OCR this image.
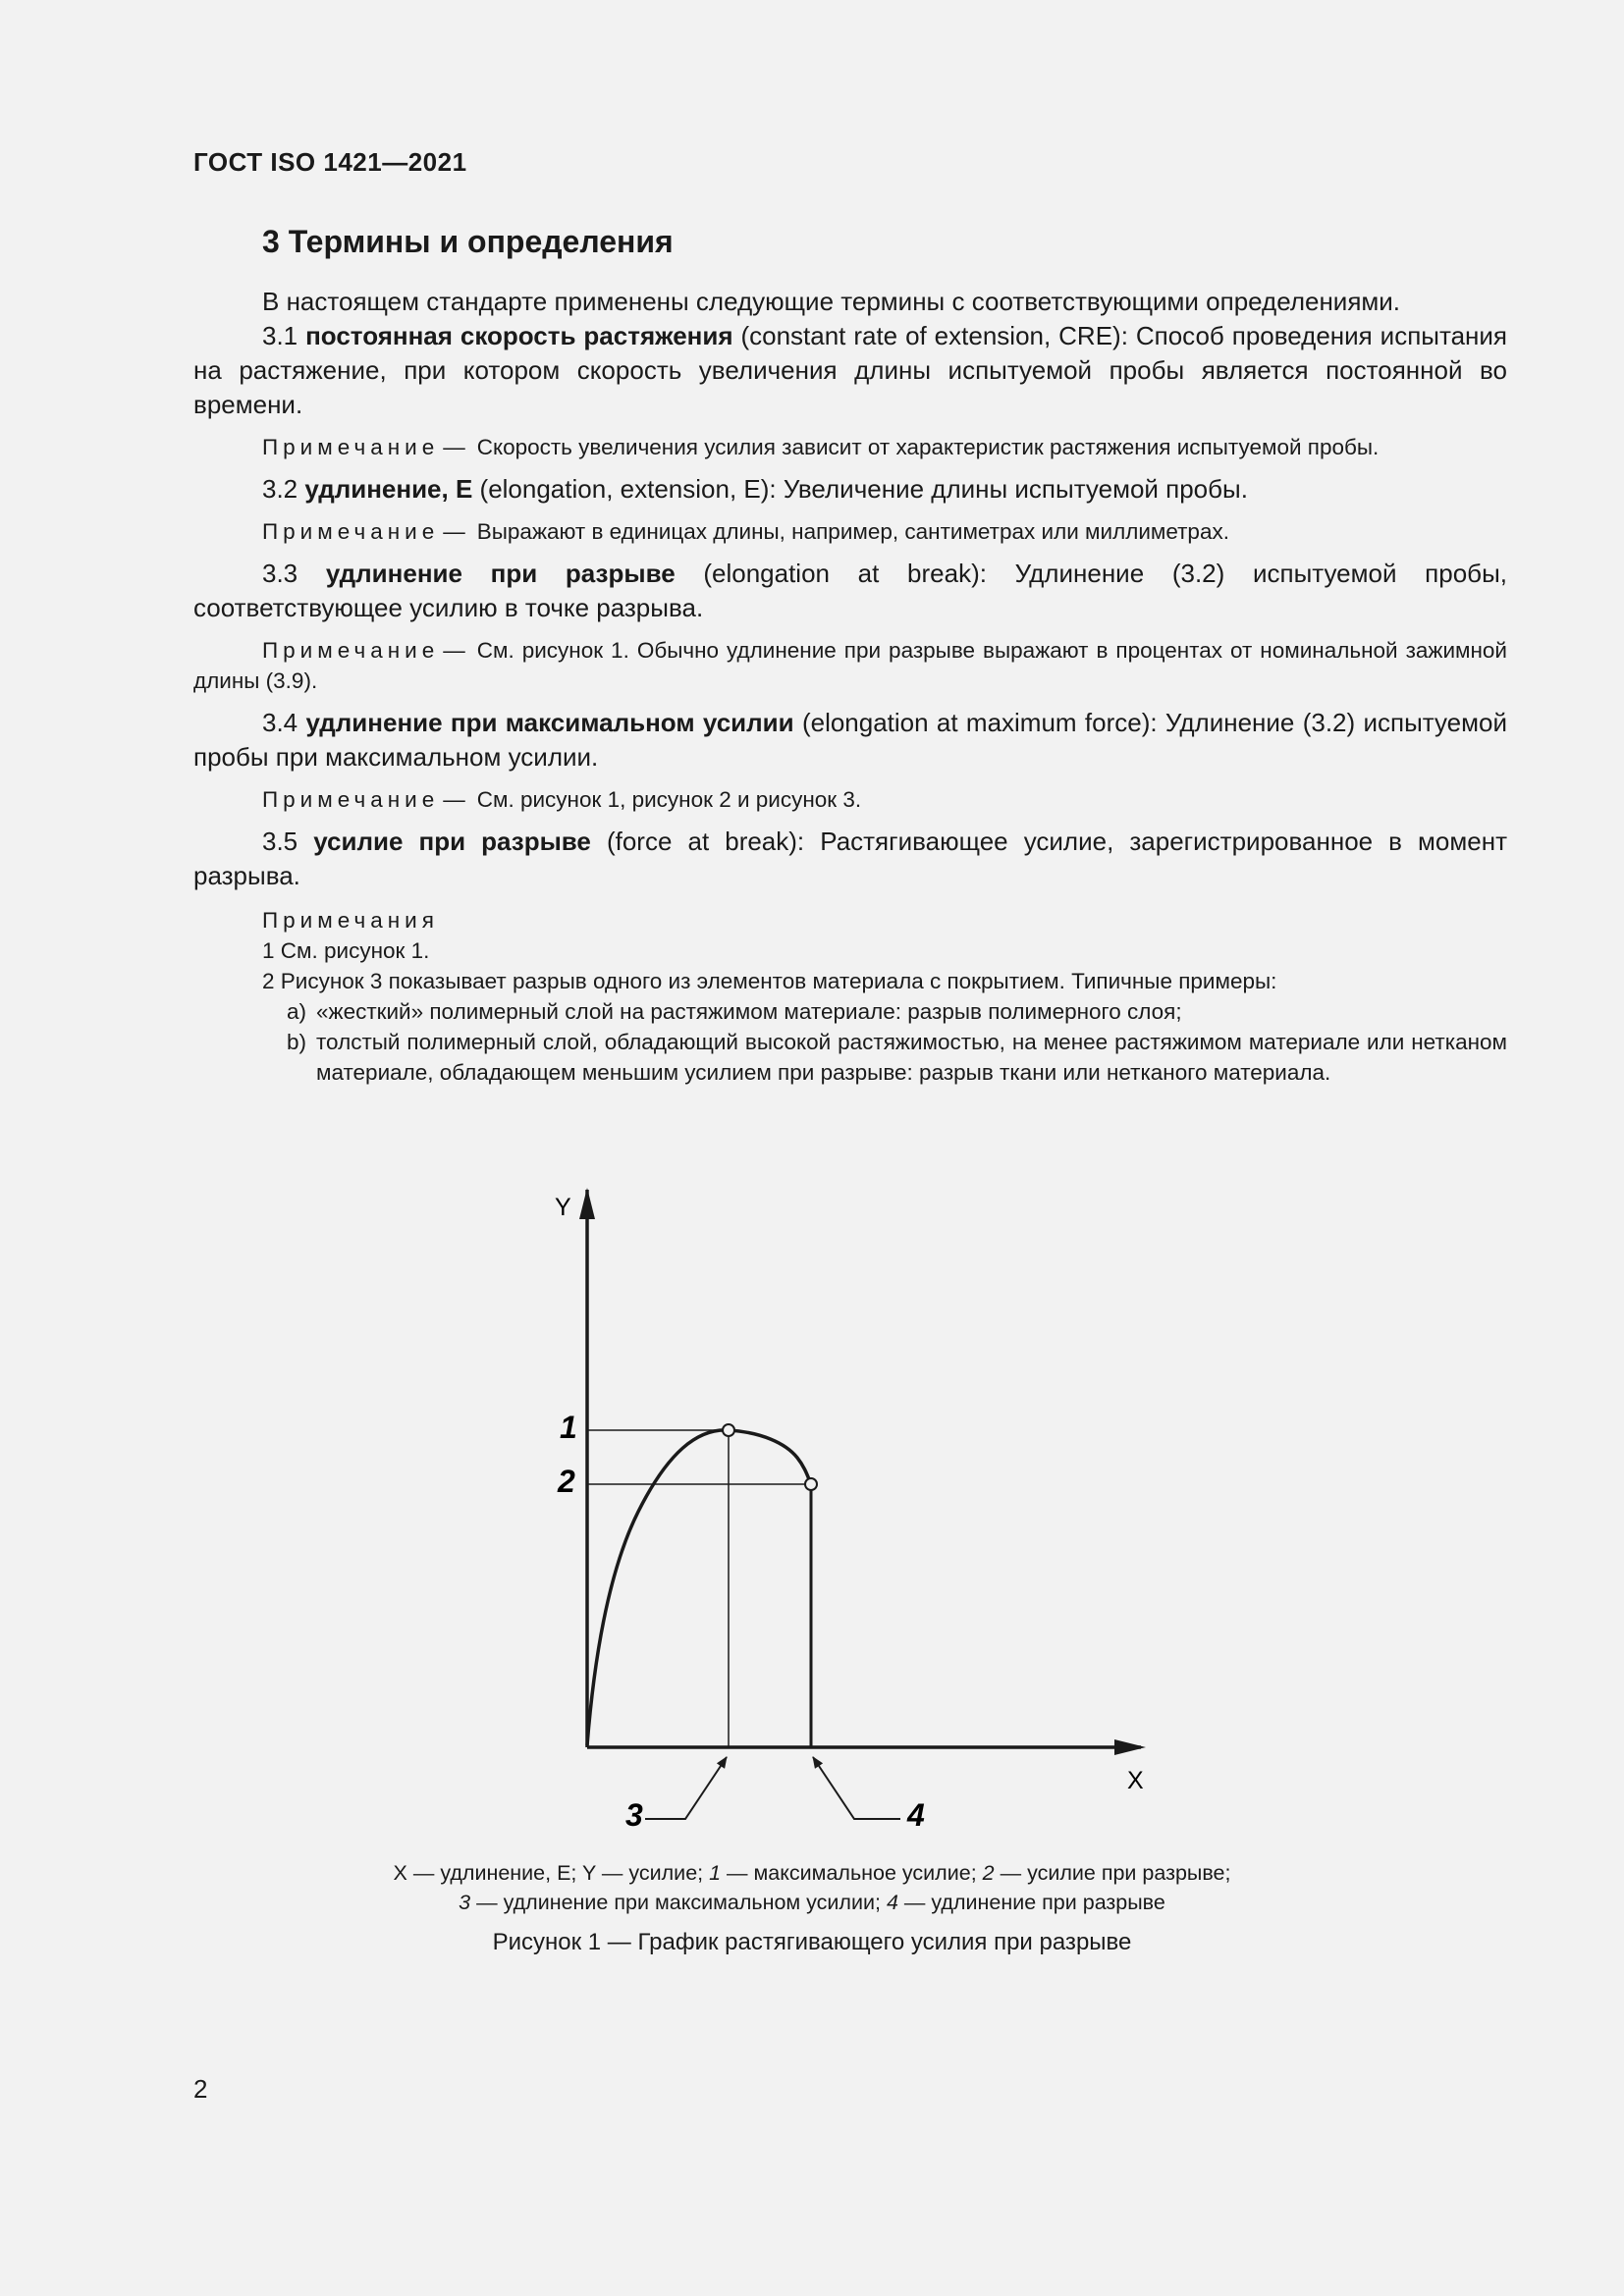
ГОСТ ISO 1421—2021
3 Термины и определения

В настоящем стандарте применены следующие термины с соответствующими определениями.

3.1 постоянная скорость растяжения (constant rate of extension, CRE): Способ проведения испытания на растяжение, при котором скорость увеличения длины испытуемой пробы является постоянной во времени.

Примечание — Скорость увеличения усилия зависит от характеристик растяжения испытуемой пробы.

3.2 удлинение, E (elongation, extension, E): Увеличение длины испытуемой пробы.

Примечание — Выражают в единицах длины, например, сантиметрах или миллиметрах.

3.3 удлинение при разрыве (elongation at break): Удлинение (3.2) испытуемой пробы, соответствующее усилию в точке разрыва.

Примечание — См. рисунок 1. Обычно удлинение при разрыве выражают в процентах от номинальной зажимной длины (3.9).

3.4 удлинение при максимальном усилии (elongation at maximum force): Удлинение (3.2) испытуемой пробы при максимальном усилии.

Примечание — См. рисунок 1, рисунок 2 и рисунок 3.

3.5 усилие при разрыве (force at break): Растягивающее усилие, зарегистрированное в момент разрыва.

Примечания
1 См. рисунок 1.
2 Рисунок 3 показывает разрыв одного из элементов материала с покрытием. Типичные примеры:
a) «жесткий» полимерный слой на растяжимом материале: разрыв полимерного слоя;
b) толстый полимерный слой, обладающий высокой растяжимостью, на менее растяжимом материале или нетканом материале, обладающем меньшим усилием при разрыве: разрыв ткани или нетканого материала.
Y
X
1
2
3	4
X — удлинение, E; Y — усилие; 1 — максимальное усилие; 2 — усилие при разрыве;
3 — удлинение при максимальном усилии; 4 — удлинение при разрыве
Рисунок 1 — График растягивающего усилия при разрыве
2
